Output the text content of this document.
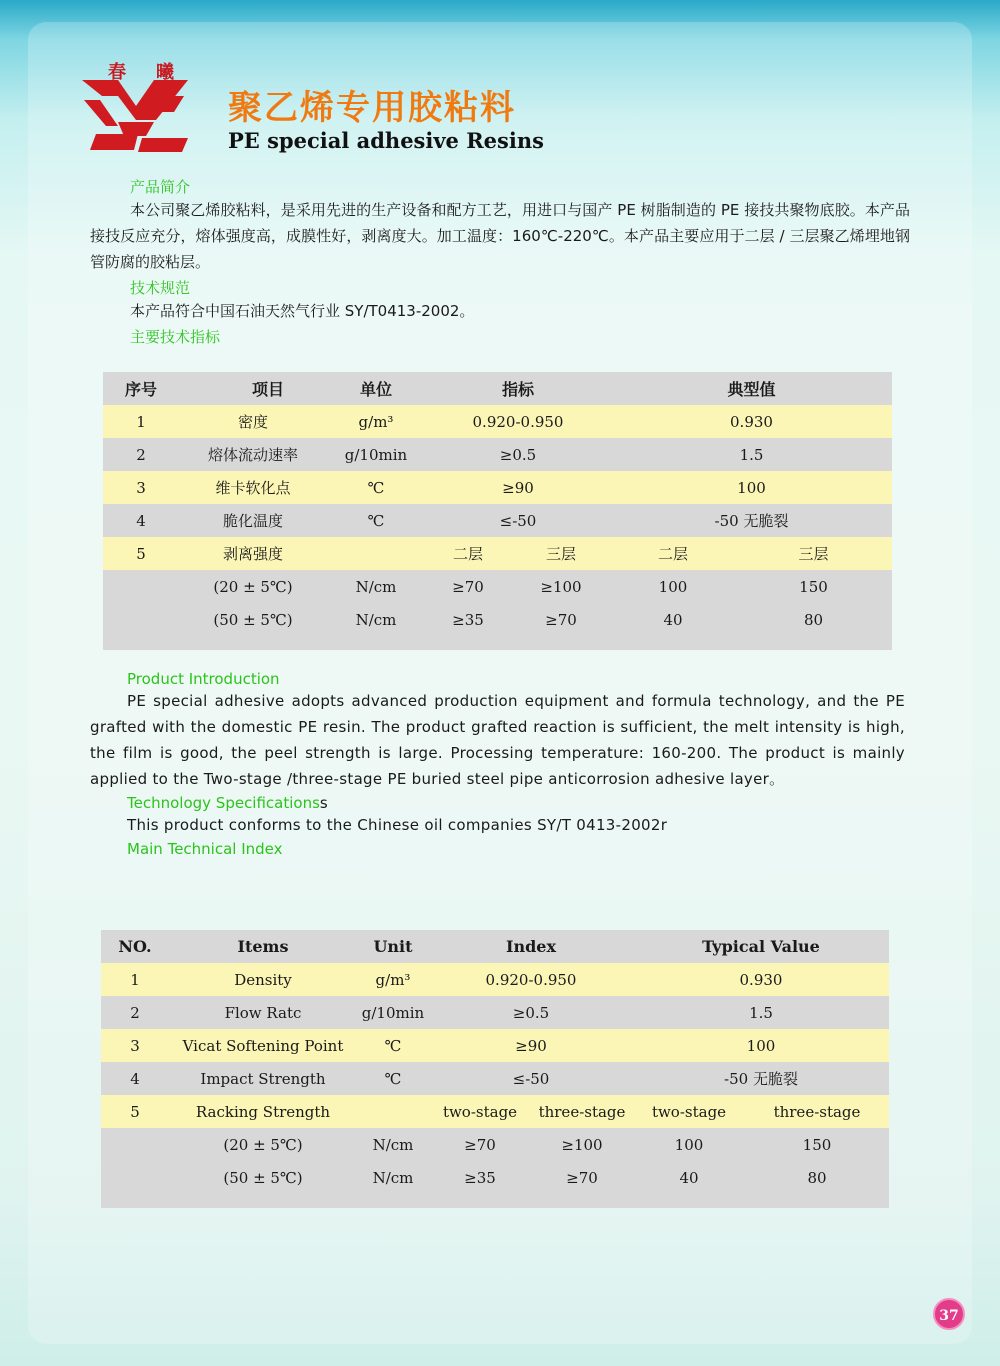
春曦
聚乙烯专用胶粘料
PE special adhesive Resins

产品简介

本公司聚乙烯胶粘料，是采用先进的生产设备和配方工艺，用进口与国产 PE 树脂制造的 PE 接技共聚物底胶。本产品接技反应充分，熔体强度高，成膜性好，剥离度大。加工温度：160℃-220℃。本产品主要应用于二层 / 三层聚乙烯埋地钢管防腐的胶粘层。

技术规范

本产品符合中国石油天然气行业 SY/T0413-2002。

主要技术指标

序号	项目	单位	指标		典型值	
1	密度	g/m³	0.920-0.950		0.930	
2	熔体流动速率	g/10min	≥0.5		1.5	
3	维卡软化点	℃	≥90		100	
4	脆化温度	℃	≤-50		-50 无脆裂	
5	剥离强度		二层	三层	二层	三层
	(20 ± 5℃)	N/cm	≥70	≥100	100	150
	(50 ± 5℃)	N/cm	≥35	≥70	40	80

Product Introduction

PE special adhesive adopts advanced production equipment and formula technology, and the PE grafted with the domestic PE resin. The product grafted reaction is sufficient, the melt intensity is high, the film is good, the peel strength is large. Processing temperature: 160-200. The product is mainly applied to the Two-stage /three-stage PE buried steel pipe anticorrosion adhesive layer。

Technology Specificationss

This product conforms to the Chinese oil companies SY/T 0413-2002r

Main Technical Index

NO.	Items	Unit	Index		Typical Value	
1	Density	g/m³	0.920-0.950		0.930	
2	Flow Ratc	g/10min	≥0.5		1.5	
3	Vicat Softening Point	℃	≥90		100	
4	Impact Strength	℃	≤-50		-50 无脆裂	
5	Racking Strength		two-stage	three-stage	two-stage	three-stage
	(20 ± 5℃)	N/cm	≥70	≥100	100	150
	(50 ± 5℃)	N/cm	≥35	≥70	40	80

37
